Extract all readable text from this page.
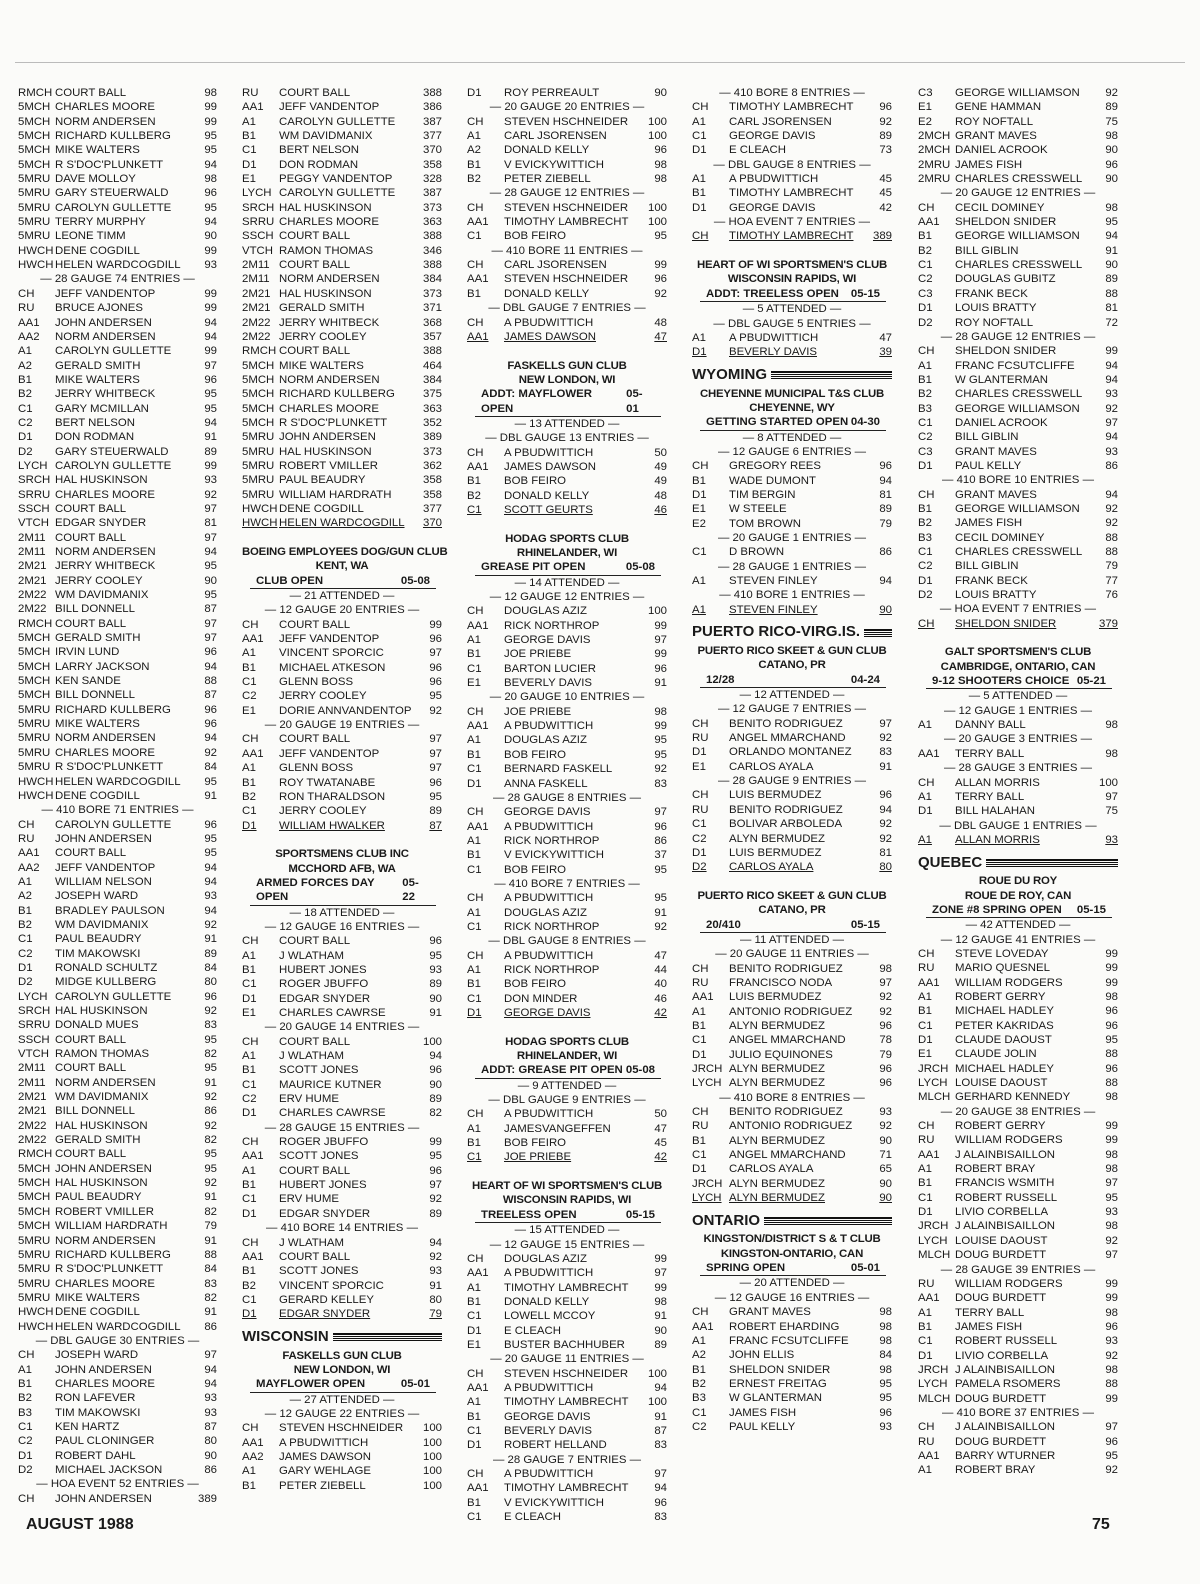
RMCH COURT BALL	98
5MCH CHARLES MOORE	99
5MCH NORM ANDERSEN	99
5MCH RICHARD KULLBERG	95
5MCH MIKE WALTERS	95
5MCH R S'DOC'PLUNKETT	94
5MRU DAVE MOLLOY	98
5MRU GARY STEUERWALD	96
5MRU CAROLYN GULLETTE	95
5MRU TERRY MURPHY	94
5MRU LEONE TIMM	90
HWCH DENE COGDILL	99
HWCH HELEN WARDCOGDILL	93
— 28 GAUGE 74 ENTRIES —
CH	JEFF VANDENTOP	99
RU	BRUCE AJONES	99
AA1	JOHN ANDERSEN	94
AA2	NORM ANDERSEN	94
A1	CAROLYN GULLETTE	99
A2	GERALD SMITH	97
B1	MIKE WALTERS	96
B2	JERRY WHITBECK	95
C1	GARY MCMILLAN	95
C2	BERT NELSON	94
D1	DON RODMAN	91
D2	GARY STEUERWALD	89
LYCH CAROLYN GULLETTE	99
SRCH HAL HUSKINSON	93
SRRU CHARLES MOORE	92
SSCH COURT BALL	97
VTCH EDGAR SNYDER	81
2M11 COURT BALL	97
2M11 NORM ANDERSEN	94
2M21 JERRY WHITBECK	95
2M21 JERRY COOLEY	90
2M22 WM DAVIDMANIX	95
2M22 BILL DONNELL	87
RMCH COURT BALL	97
5MCH GERALD SMITH	97
5MCH IRVIN LUND	96
5MCH LARRY JACKSON	94
5MCH KEN SANDE	88
5MCH BILL DONNELL	87
5MRU RICHARD KULLBERG	96
5MRU MIKE WALTERS	96
5MRU NORM ANDERSEN	94
5MRU CHARLES MOORE	92
5MRU R S'DOC'PLUNKETT	84
HWCH HELEN WARDCOGDILL	95
HWCH DENE COGDILL	91
— 410 BORE 71 ENTRIES —
CH	CAROLYN GULLETTE	96
RU	JOHN ANDERSEN	95
AA1	COURT BALL	95
AA2	JEFF VANDENTOP	94
A1	WILLIAM NELSON	94
A2	JOSEPH WARD	93
B1	BRADLEY PAULSON	94
B2	WM DAVIDMANIX	92
C1	PAUL BEAUDRY	91
C2	TIM MAKOWSKI	89
D1	RONALD SCHULTZ	84
D2	MIDGE KULLBERG	80
LYCH CAROLYN GULLETTE	96
SRCH HAL HUSKINSON	92
SRRU DONALD MUES	83
SSCH COURT BALL	95
VTCH RAMON THOMAS	82
2M11 COURT BALL	95
2M11 NORM ANDERSEN	91
2M21 WM DAVIDMANIX	92
2M21 BILL DONNELL	86
2M22 HAL HUSKINSON	92
2M22 GERALD SMITH	82
RMCH COURT BALL	95
5MCH JOHN ANDERSEN	95
5MCH HAL HUSKINSON	92
5MCH PAUL BEAUDRY	91
5MCH ROBERT VMILLER	82
5MCH WILLIAM HARDRATH	79
5MRU NORM ANDERSEN	91
5MRU RICHARD KULLBERG	88
5MRU R S'DOC'PLUNKETT	84
5MRU CHARLES MOORE	83
5MRU MIKE WALTERS	82
HWCH DENE COGDILL	91
HWCH HELEN WARDCOGDILL	86
— DBL GAUGE 30 ENTRIES —
CH	JOSEPH WARD	97
A1	JOHN ANDERSEN	94
B1	CHARLES MOORE	94
B2	RON LAFEVER	93
B3	TIM MAKOWSKI	93
C1	KEN HARTZ	87
C2	PAUL CLONINGER	80
D1	ROBERT DAHL	90
D2	MICHAEL JACKSON	86
— HOA EVENT 52 ENTRIES —
CH	JOHN ANDERSEN	389
RU	COURT BALL	388
AA1	JEFF VANDENTOP	386
A1	CAROLYN GULLETTE	387
B1	WM DAVIDMANIX	377
C1	BERT NELSON	370
D1	DON RODMAN	358
E1	PEGGY VANDENTOP	328
LYCH CAROLYN GULLETTE	387
SRCH HAL HUSKINSON	373
SRRU CHARLES MOORE	363
SSCH COURT BALL	388
VTCH RAMON THOMAS	346
2M11 COURT BALL	388
2M11 NORM ANDERSEN	384
2M21 HAL HUSKINSON	373
2M21 GERALD SMITH	371
2M22 JERRY WHITBECK	368
2M22 JERRY COOLEY	357
RMCH COURT BALL	388
5MCH MIKE WALTERS	464
5MCH NORM ANDERSEN	384
5MCH RICHARD KULLBERG	375
5MCH CHARLES MOORE	363
5MCH R S'DOC'PLUNKETT	352
5MRU JOHN ANDERSEN	389
5MRU HAL HUSKINSON	373
5MRU ROBERT VMILLER	362
5MRU PAUL BEAUDRY	358
5MRU WILLIAM HARDRATH	358
HWCH DENE COGDILL	377
HWCH HELEN WARDCOGDILL	370
BOEING EMPLOYEES DOG/GUN CLUB
KENT, WA
CLUB OPEN	05-08
— 21 ATTENDED —
— 12 GAUGE 20 ENTRIES —
CH	COURT BALL	99
AA1	JEFF VANDENTOP	96
A1	VINCENT SPORCIC	97
B1	MICHAEL ATKESON	96
C1	GLENN BOSS	96
C2	JERRY COOLEY	95
E1	DORIE ANNVANDENTOP	92
— 20 GAUGE 19 ENTRIES —
CH	COURT BALL	97
AA1	JEFF VANDENTOP	97
A1	GLENN BOSS	97
B1	ROY TWATANABE	96
B2	RON THARALDSON	95
C1	JERRY COOLEY	89
D1	WILLIAM HWALKER	87
SPORTSMENS CLUB INC
MCCHORD AFB, WA
ARMED FORCES DAY OPEN
05-22
— 18 ATTENDED —
— 12 GAUGE 16 ENTRIES —
CH	COURT BALL	96
A1	J WLATHAM	95
B1	HUBERT JONES	93
C1	ROGER JBUFFO	89
D1	EDGAR SNYDER	90
E1	CHARLES CAWRSE	91
— 20 GAUGE 14 ENTRIES —
CH	COURT BALL	100
A1	J WLATHAM	94
B1	SCOTT JONES	96
C1	MAURICE KUTNER	90
C2	ERV HUME	89
D1	CHARLES CAWRSE	82
— 28 GAUGE 15 ENTRIES —
CH	ROGER JBUFFO	99
AA1	SCOTT JONES	95
A1	COURT BALL	96
B1	HUBERT JONES	97
C1	ERV HUME	92
D1	EDGAR SNYDER	89
— 410 BORE 14 ENTRIES —
CH	J WLATHAM	94
AA1	COURT BALL	92
B1	SCOTT JONES	93
B2	VINCENT SPORCIC	91
C1	GERARD KELLEY	80
D1	EDGAR SNYDER	79
WISCONSIN
FASKELLS GUN CLUB
NEW LONDON, WI
MAYFLOWER OPEN	05-01
— 27 ATTENDED —
— 12 GAUGE 22 ENTRIES —
CH	STEVEN HSCHNEIDER	100
AA1	A PBUDWITTICH	100
AA2	JAMES DAWSON	100
A1	GARY WEHLAGE	100
B1	PETER ZIEBELL	100
D1	ROY PERREAULT	90
— 20 GAUGE 20 ENTRIES —
CH	STEVEN HSCHNEIDER	100
A1	CARL JSORENSEN	100
A2	DONALD KELLY	96
B1	V EVICKYWITTICH	98
B2	PETER ZIEBELL	98
— 28 GAUGE 12 ENTRIES —
CH	STEVEN HSCHNEIDER	100
AA1	TIMOTHY LAMBRECHT	100
C1	BOB FEIRO	95
— 410 BORE 11 ENTRIES —
CH	CARL JSORENSEN	99
AA1	STEVEN HSCHNEIDER	96
B1	DONALD KELLY	92
— DBL GAUGE 7 ENTRIES —
CH	A PBUDWITTICH	48
AA1	JAMES DAWSON	47
FASKELLS GUN CLUB
NEW LONDON, WI
ADDT: MAYFLOWER OPEN
05-01
— 13 ATTENDED —
— DBL GAUGE 13 ENTRIES —
CH	A PBUDWITTICH	50
AA1	JAMES DAWSON	49
B1	BOB FEIRO	49
B2	DONALD KELLY	48
C1	SCOTT GEURTS	46
HODAG SPORTS CLUB
RHINELANDER, WI
GREASE PIT OPEN	05-08
— 14 ATTENDED —
— 12 GAUGE 12 ENTRIES —
CH	DOUGLAS AZIZ	100
AA1	RICK NORTHROP	99
A1	GEORGE DAVIS	97
B1	JOE PRIEBE	99
C1	BARTON LUCIER	96
E1	BEVERLY DAVIS	91
— 20 GAUGE 10 ENTRIES —
CH	JOE PRIEBE	98
AA1	A PBUDWITTICH	99
A1	DOUGLAS AZIZ	95
B1	BOB FEIRO	95
C1	BERNARD FASKELL	92
D1	ANNA FASKELL	83
— 28 GAUGE 8 ENTRIES —
CH	GEORGE DAVIS	97
AA1	A PBUDWITTICH	96
A1	RICK NORTHROP	86
B1	V EVICKYWITTICH	37
C1	BOB FEIRO	95
— 410 BORE 7 ENTRIES —
CH	A PBUDWITTICH	95
A1	DOUGLAS AZIZ	91
C1	RICK NORTHROP	92
— DBL GAUGE 8 ENTRIES —
CH	A PBUDWITTICH	47
A1	RICK NORTHROP	44
B1	BOB FEIRO	40
C1	DON MINDER	46
D1	GEORGE DAVIS	42
HODAG SPORTS CLUB
RHINELANDER, WI
ADDT: GREASE PIT OPEN 05-08
— 9 ATTENDED —
— DBL GAUGE 9 ENTRIES —
CH	A PBUDWITTICH	50
A1	JAMESVANGEFFEN	47
B1	BOB FEIRO	45
C1	JOE PRIEBE	42
HEART OF WI SPORTSMEN'S CLUB
WISCONSIN RAPIDS, WI
TREELESS OPEN	05-15
— 15 ATTENDED —
— 12 GAUGE 15 ENTRIES —
CH	DOUGLAS AZIZ	99
AA1	A PBUDWITTICH	97
A1	TIMOTHY LAMBRECHT	99
B1	DONALD KELLY	98
C1	LOWELL MCCOY	91
D1	E CLEACH	90
E1	BUSTER BACHHUBER	89
— 20 GAUGE 11 ENTRIES —
CH	STEVEN HSCHNEIDER	100
AA1	A PBUDWITTICH	94
A1	TIMOTHY LAMBRECHT	100
B1	GEORGE DAVIS	91
C1	BEVERLY DAVIS	87
D1	ROBERT HELLAND	83
— 28 GAUGE 7 ENTRIES —
CH	A PBUDWITTICH	97
AA1	TIMOTHY LAMBRECHT	94
B1	V EVICKYWITTICH	96
C1	E CLEACH	83
— 410 BORE 8 ENTRIES —
CH	TIMOTHY LAMBRECHT	96
A1	CARL JSORENSEN	92
C1	GEORGE DAVIS	89
D1	E CLEACH	73
— DBL GAUGE 8 ENTRIES —
A1	A PBUDWITTICH	45
B1	TIMOTHY LAMBRECHT	45
D1	GEORGE DAVIS	42
— HOA EVENT 7 ENTRIES —
CH	TIMOTHY LAMBRECHT	389
HEART OF WI SPORTSMEN'S CLUB
WISCONSIN RAPIDS, WI
ADDT: TREELESS OPEN 05-15
— 5 ATTENDED —
— DBL GAUGE 5 ENTRIES —
A1	A PBUDWITTICH	47
D1	BEVERLY DAVIS	39
WYOMING
CHEYENNE MUNICIPAL T&S CLUB
CHEYENNE, WY
GETTING STARTED OPEN 04-30
— 8 ATTENDED —
— 12 GAUGE 6 ENTRIES —
CH	GREGORY REES	96
B1	WADE DUMONT	94
D1	TIM BERGIN	81
E1	W STEELE	89
E2	TOM BROWN	79
— 20 GAUGE 1 ENTRIES —
C1	D BROWN	86
— 28 GAUGE 1 ENTRIES —
A1	STEVEN FINLEY	94
— 410 BORE 1 ENTRIES —
A1	STEVEN FINLEY	90
PUERTO RICO-VIRG.IS.
PUERTO RICO SKEET & GUN CLUB
CATANO, PR
12/28	04-24
— 12 ATTENDED —
— 12 GAUGE 7 ENTRIES —
CH	BENITO RODRIGUEZ	97
RU	ANGEL MMARCHAND	92
D1	ORLANDO MONTANEZ	83
E1	CARLOS AYALA	91
— 28 GAUGE 9 ENTRIES —
CH	LUIS BERMUDEZ	96
RU	BENITO RODRIGUEZ	94
C1	BOLIVAR ARBOLEDA	92
C2	ALYN BERMUDEZ	92
D1	LUIS BERMUDEZ	81
D2	CARLOS AYALA	80
PUERTO RICO SKEET & GUN CLUB
CATANO, PR
20/410	05-15
— 11 ATTENDED —
— 20 GAUGE 11 ENTRIES —
CH	BENITO RODRIGUEZ	98
RU	FRANCISCO NODA	97
AA1	LUIS BERMUDEZ	92
A1	ANTONIO RODRIGUEZ	92
B1	ALYN BERMUDEZ	96
C1	ANGEL MMARCHAND	78
D1	JULIO EQUINONES	79
JRCH ALYN BERMUDEZ	96
LYCH ALYN BERMUDEZ	96
— 410 BORE 8 ENTRIES —
CH	BENITO RODRIGUEZ	93
RU	ANTONIO RODRIGUEZ	92
B1	ALYN BERMUDEZ	90
C1	ANGEL MMARCHAND	71
D1	CARLOS AYALA	65
JRCH ALYN BERMUDEZ	90
LYCH ALYN BERMUDEZ	90
ONTARIO
KINGSTON/DISTRICT S & T CLUB
KINGSTON-ONTARIO, CAN
SPRING OPEN	05-01
— 20 ATTENDED —
— 12 GAUGE 16 ENTRIES —
CH	GRANT MAVES	98
AA1	ROBERT EHARDING	98
A1	FRANC FCSUTCLIFFE	98
A2	JOHN ELLIS	84
B1	SHELDON SNIDER	98
B2	ERNEST FREITAG	95
B3	W GLANTERMAN	95
C1	JAMES FISH	96
C2	PAUL KELLY	93
C3	GEORGE WILLIAMSON	92
E1	GENE HAMMAN	89
E2	ROY NOFTALL	75
2MCH GRANT MAVES	98
2MCH DANIEL ACROOK	90
2MRU JAMES FISH	96
2MRU CHARLES CRESSWELL	90
— 20 GAUGE 12 ENTRIES —
CH	CECIL DOMINEY	98
AA1	SHELDON SNIDER	95
B1	GEORGE WILLIAMSON	94
B2	BILL GIBLIN	91
C1	CHARLES CRESSWELL	90
C2	DOUGLAS GUBITZ	89
C3	FRANK BECK	88
D1	LOUIS BRATTY	81
D2	ROY NOFTALL	72
— 28 GAUGE 12 ENTRIES —
CH	SHELDON SNIDER	99
A1	FRANC FCSUTCLIFFE	94
B1	W GLANTERMAN	94
B2	CHARLES CRESSWELL	93
B3	GEORGE WILLIAMSON	92
C1	DANIEL ACROOK	97
C2	BILL GIBLIN	94
C3	GRANT MAVES	93
D1	PAUL KELLY	86
— 410 BORE 10 ENTRIES —
CH	GRANT MAVES	94
B1	GEORGE WILLIAMSON	92
B2	JAMES FISH	92
B3	CECIL DOMINEY	88
C1	CHARLES CRESSWELL	88
C2	BILL GIBLIN	79
D1	FRANK BECK	77
D2	LOUIS BRATTY	76
— HOA EVENT 7 ENTRIES —
CH	SHELDON SNIDER	379
GALT SPORTSMEN'S CLUB
CAMBRIDGE, ONTARIO, CAN
9-12 SHOOTERS CHOICE 05-21
— 5 ATTENDED —
— 12 GAUGE 1 ENTRIES —
A1	DANNY BALL	98
— 20 GAUGE 3 ENTRIES —
AA1	TERRY BALL	98
— 28 GAUGE 3 ENTRIES —
CH	ALLAN MORRIS	100
A1	TERRY BALL	97
D1	BILL HALAHAN	75
— DBL GAUGE 1 ENTRIES —
A1	ALLAN MORRIS	93
QUEBEC
ROUE DU ROY
ROUE DE ROY, CAN
ZONE #8 SPRING OPEN 05-15
— 42 ATTENDED —
— 12 GAUGE 41 ENTRIES —
CH	STEVE LOVEDAY	99
RU	MARIO QUESNEL	99
AA1	WILLIAM RODGERS	99
A1	ROBERT GERRY	98
B1	MICHAEL HADLEY	96
C1	PETER KAKRIDAS	96
D1	CLAUDE DAOUST	95
E1	CLAUDE JOLIN	88
JRCH MICHAEL HADLEY	96
LYCH LOUISE DAOUST	88
MLCH GERHARD KENNEDY	98
— 20 GAUGE 38 ENTRIES —
CH	ROBERT GERRY	99
RU	WILLIAM RODGERS	99
AA1	J ALAINBISAILLON	98
A1	ROBERT BRAY	98
B1	FRANCIS WSMITH	97
C1	ROBERT RUSSELL	95
D1	LIVIO CORBELLA	93
JRCH J ALAINBISAILLON	98
LYCH LOUISE DAOUST	92
MLCH DOUG BURDETT	97
— 28 GAUGE 39 ENTRIES —
RU	WILLIAM RODGERS	99
AA1	DOUG BURDETT	99
A1	TERRY BALL	98
B1	JAMES FISH	96
C1	ROBERT RUSSELL	93
D1	LIVIO CORBELLA	92
JRCH J ALAINBISAILLON	98
LYCH PAMELA RSOMERS	88
MLCH DOUG BURDETT	99
— 410 BORE 37 ENTRIES —
CH	J ALAINBISAILLON	97
RU	DOUG BURDETT	96
AA1	BARRY WTURNER	95
A1	ROBERT BRAY	92
AUGUST 1988	75
